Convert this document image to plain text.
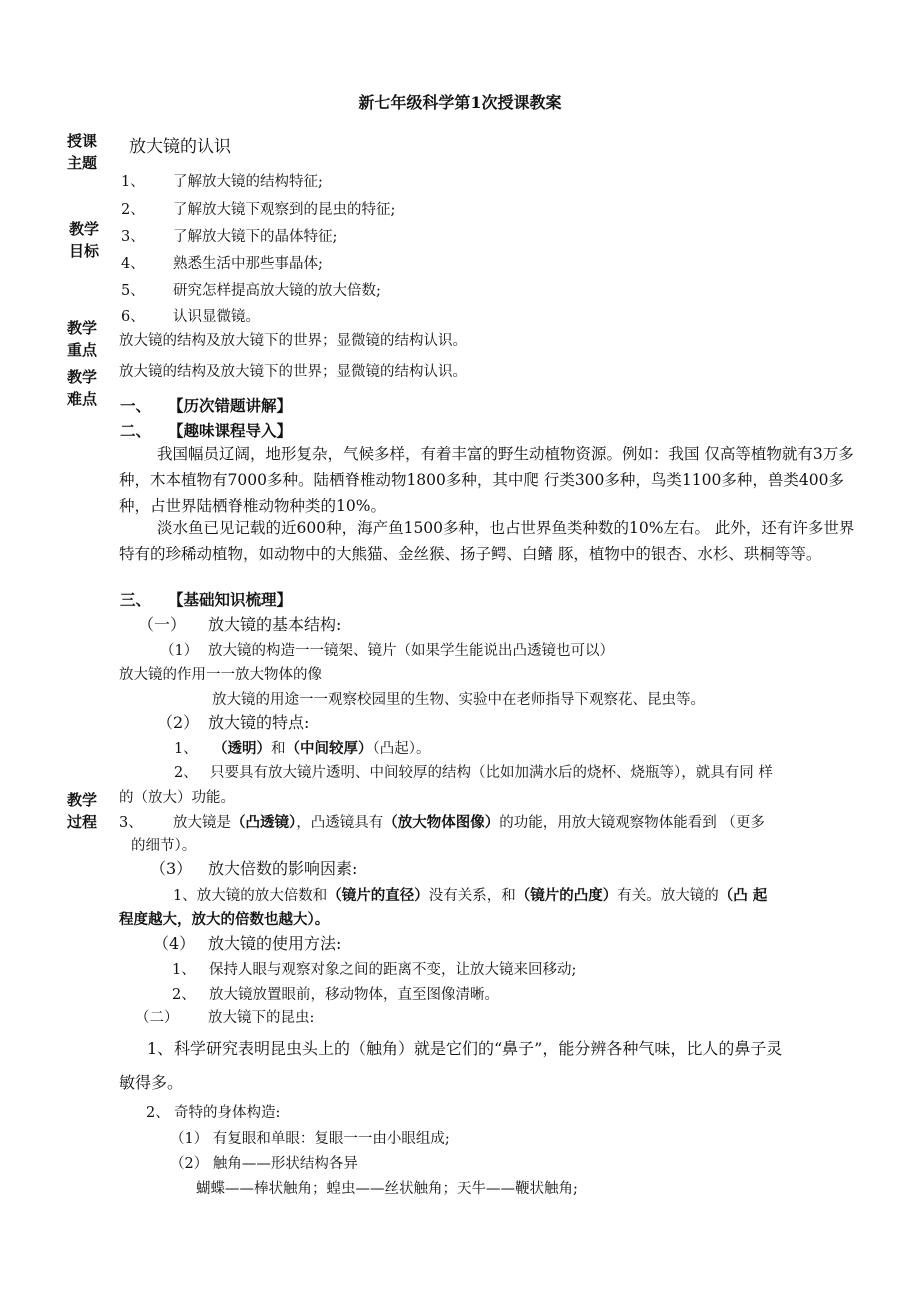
新七年级科学第1次授课教案
授课
主题
教学
目标
教学
重点
教学
难点
教学
过程
放大镜的认识
1、 了解放大镜的结构特征;
2、 了解放大镜下观察到的昆虫的特征;
3、 了解放大镜下的晶体特征;
4、 熟悉生活中那些事晶体;
5、 研究怎样提高放大镜的放大倍数;
6、 认识显微镜。
放大镜的结构及放大镜下的世界；显微镜的结构认识。
放大镜的结构及放大镜下的世界；显微镜的结构认识。
一、 【历次错题讲解】
二、 【趣味课程导入】
我国幅员辽阔，地形复杂，气候多样，有着丰富的野生动植物资源。例如：我国 仅高等植物就有3万多种，木本植物有7000多种。陆栖脊椎动物1800多种，其中爬 行类300多种，鸟类1100多种，兽类400多种，占世界陆栖脊椎动物种类的10%。
淡水鱼已见记载的近600种，海产鱼1500多种，也占世界鱼类种数的10%左右。 此外，还有许多世界特有的珍稀动植物，如动物中的大熊猫、金丝猴、扬子鳄、白鳍 豚，植物中的银杏、水杉、珙桐等等。
三、 【基础知识梳理】
（一） 放大镜的基本结构:
（1） 放大镜的构造一一镜架、镜片（如果学生能说出凸透镜也可以）
放大镜的作用一一放大物体的像
放大镜的用途一一观察校园里的生物、实验中在老师指导下观察花、昆虫等。
（2） 放大镜的特点:
1、 （透明）和（中间较厚）（凸起）。
2、 只要具有放大镜片透明、中间较厚的结构（比如加满水后的烧杯、烧瓶等），就具有同 样
的（放大）功能。
3、 放大镜是（凸透镜），凸透镜具有（放大物体图像）的功能，用放大镜观察物体能看到 （更多
的细节）。
（3） 放大倍数的影响因素:
1、放大镜的放大倍数和（镜片的直径）没有关系，和（镜片的凸度）有关。放大镜的（凸 起
程度越大，放大的倍数也越大）。
（4） 放大镜的使用方法:
1、 保持人眼与观察对象之间的距离不变，让放大镜来回移动;
2、 放大镜放置眼前，移动物体，直至图像清晰。
（二） 放大镜下的昆虫:
1、 科学研究表明昆虫头上的（触角）就是它们的“鼻子”，能分辨各种气味，比人的鼻子灵
敏得多。
2、 奇特的身体构造:
（1） 有复眼和单眼：复眼一一由小眼组成;
（2） 触角——形状结构各异
蝴蝶——棒状触角；蝗虫——丝状触角；天牛——鞭状触角;
